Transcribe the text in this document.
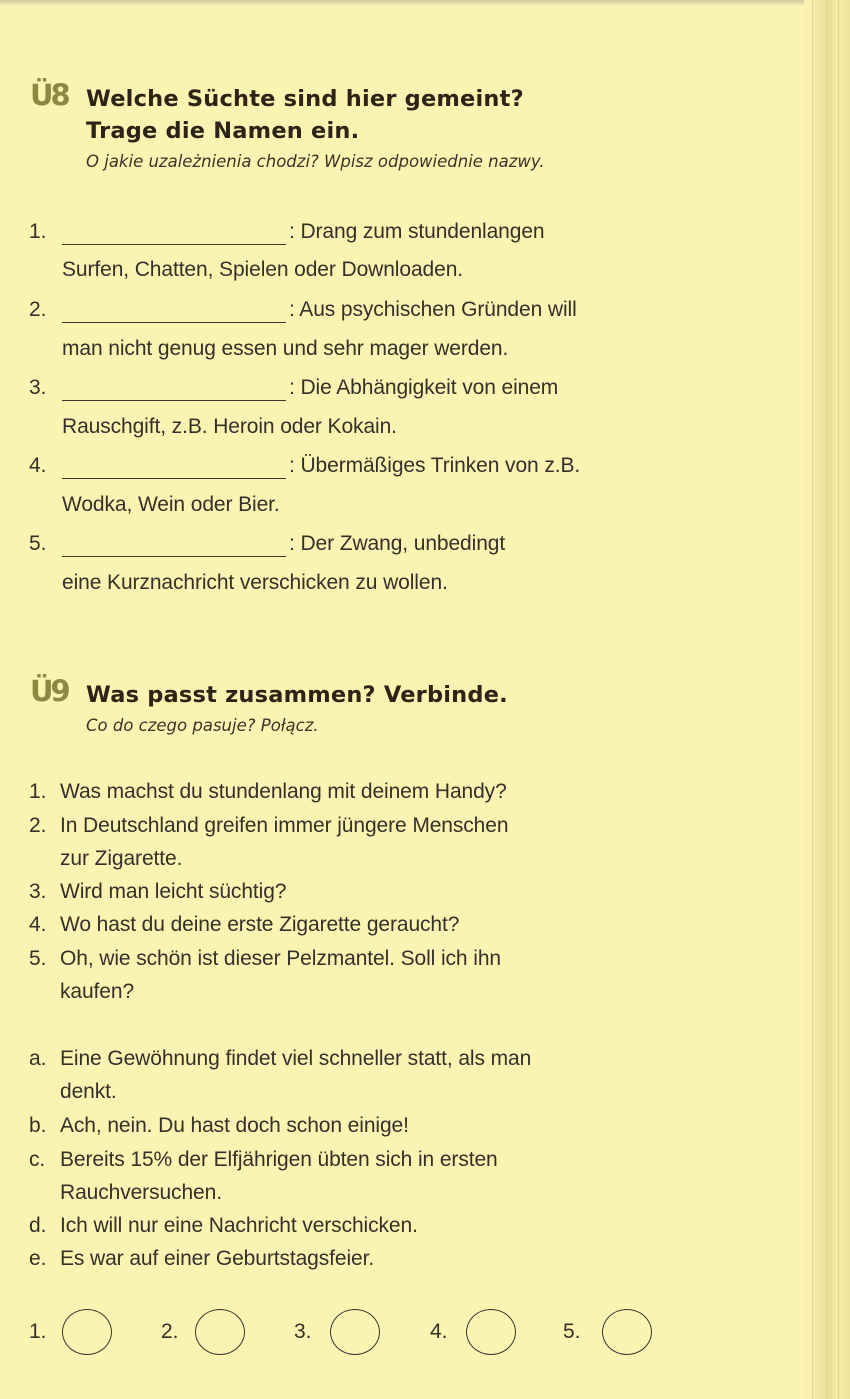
Ü8 Welche Süchte sind hier gemeint?
Trage die Namen ein.
O jakie uzależnienia chodzi? Wpisz odpowiednie nazwy.
1.	: Drang zum stundenlangen
Surfen, Chatten, Spielen oder Downloaden.
2.	: Aus psychischen Gründen will
man nicht genug essen und sehr mager werden.
3.	: Die Abhängigkeit von einem
Rauschgift, z.B. Heroin oder Kokain.
4.	: Übermäßiges Trinken von z.B.
Wodka, Wein oder Bier.
5.	: Der Zwang, unbedingt
eine Kurznachricht verschicken zu wollen.
Ü9 Was passt zusammen? Verbinde.
Co do czego pasuje? Połącz.
1. Was machst du stundenlang mit deinem Handy?
2. In Deutschland greifen immer jüngere Menschen
zur Zigarette.
3. Wird man leicht süchtig?
4. Wo hast du deine erste Zigarette geraucht?
5. Oh, wie schön ist dieser Pelzmantel. Soll ich ihn
kaufen?
a. Eine Gewöhnung findet viel schneller statt, als man
denkt.
b. Ach, nein. Du hast doch schon einige!
c. Bereits 15% der Elfjährigen übten sich in ersten
Rauchversuchen.
d. Ich will nur eine Nachricht verschicken.
e. Es war auf einer Geburtstagsfeier.
1.	2.	3.	4.	5.
